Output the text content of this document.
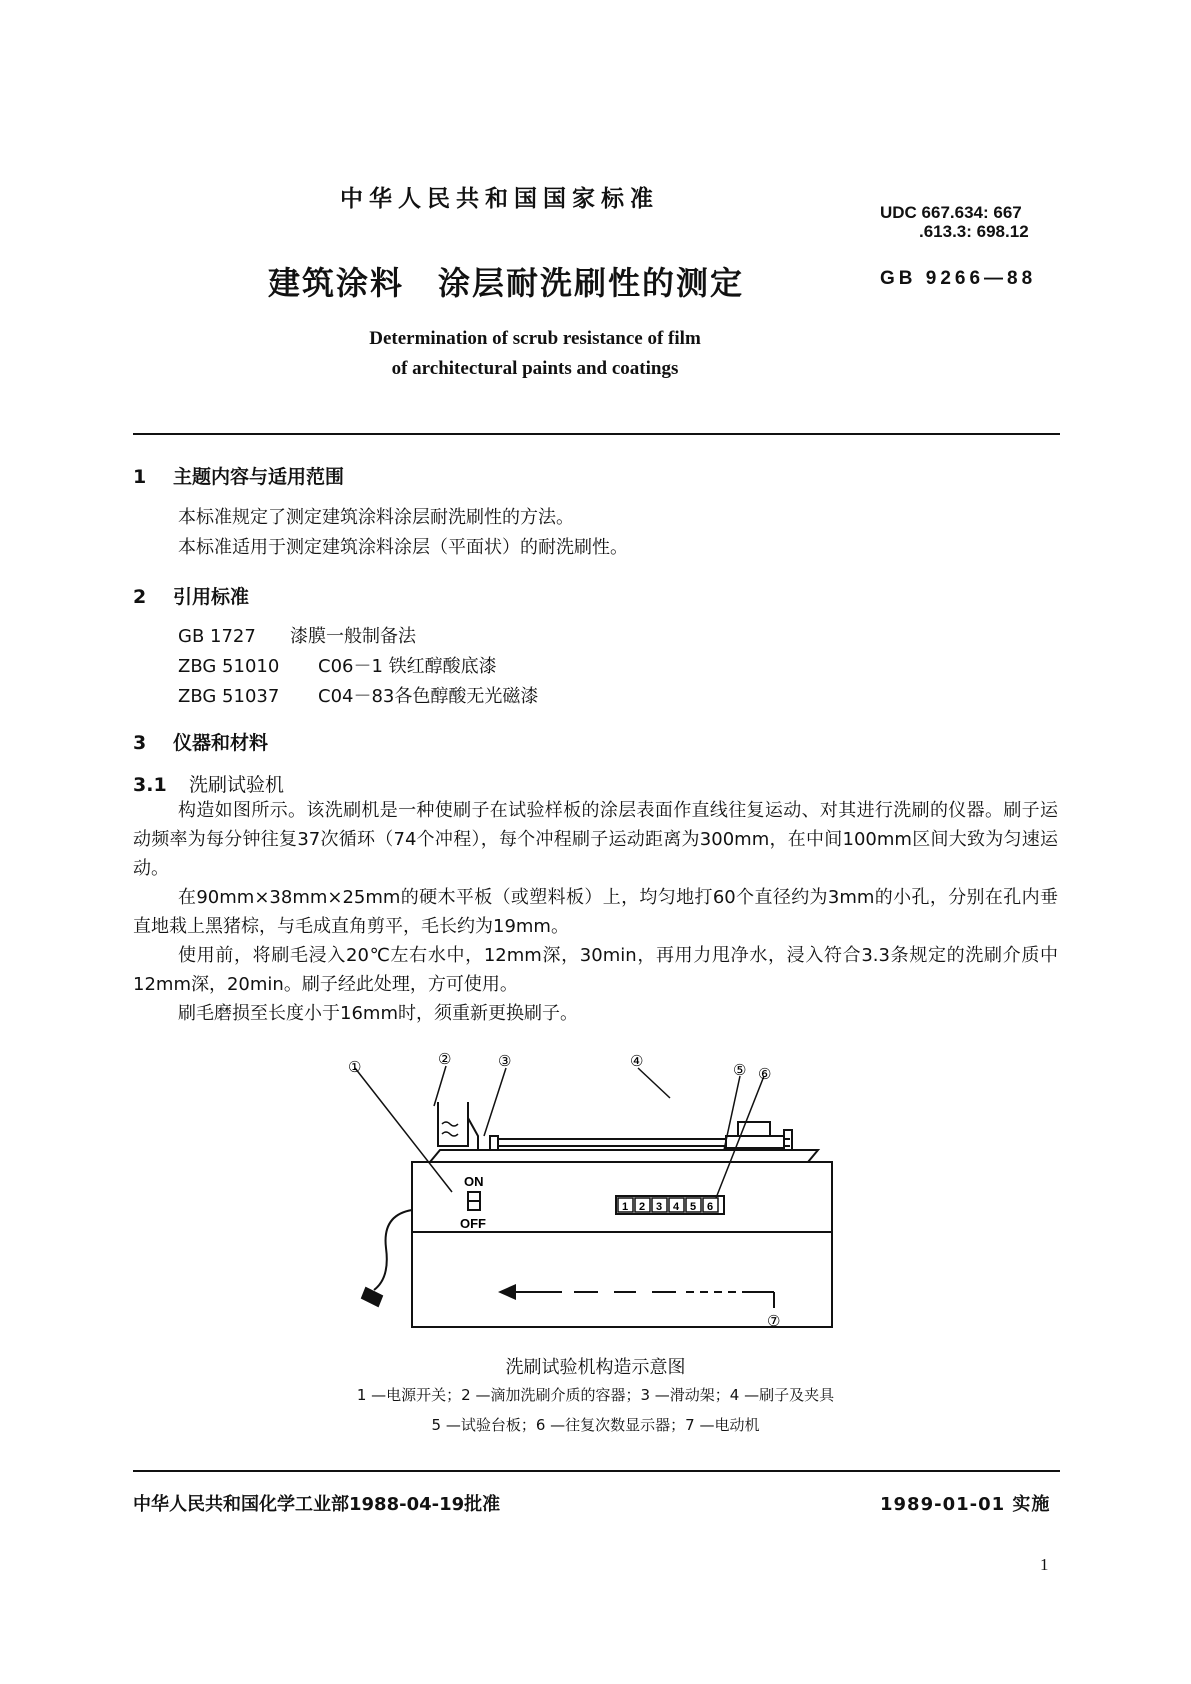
中华人民共和国国家标准
UDC 667.634: 667
.613.3: 698.12
建筑涂料　涂层耐洗刷性的测定	GB 9266—88
Determination of scrub resistance of film
of architectural paints and coatings
1 主题内容与适用范围
本标准规定了测定建筑涂料涂层耐洗刷性的方法。
本标准适用于测定建筑涂料涂层（平面状）的耐洗刷性。
2 引用标准
GB 1727 漆膜一般制备法
ZBG 51010 C06－1 铁红醇酸底漆
ZBG 51037 C04－83各色醇酸无光磁漆
3 仪器和材料
3.1 洗刷试验机

构造如图所示。该洗刷机是一种使刷子在试验样板的涂层表面作直线往复运动、对其进行洗刷的仪器。刷子运动频率为每分钟往复37次循环（74个冲程），每个冲程刷子运动距离为300mm，在中间100mm区间大致为匀速运动。

在90mm×38mm×25mm的硬木平板（或塑料板）上，均匀地打60个直径约为3mm的小孔，分别在孔内垂直地栽上黑猪棕，与毛成直角剪平，毛长约为19mm。

使用前，将刷毛浸入20℃左右水中，12mm深，30min，再用力甩净水，浸入符合3.3条规定的洗刷介质中12mm深，20min。刷子经此处理，方可使用。

刷毛磨损至长度小于16mm时，须重新更换刷子。

①	②	③	④
⑤ ⑥
⑦
ON
OFF
1 2 3 4 5 6
洗刷试验机构造示意图
1 —电源开关；2 —滴加洗刷介质的容器；3 —滑动架；4 —刷子及夹具
5 —试验台板；6 —往复次数显示器；7 —电动机
中华人民共和国化学工业部1988-04-19批准	1989-01-01 实施
1
